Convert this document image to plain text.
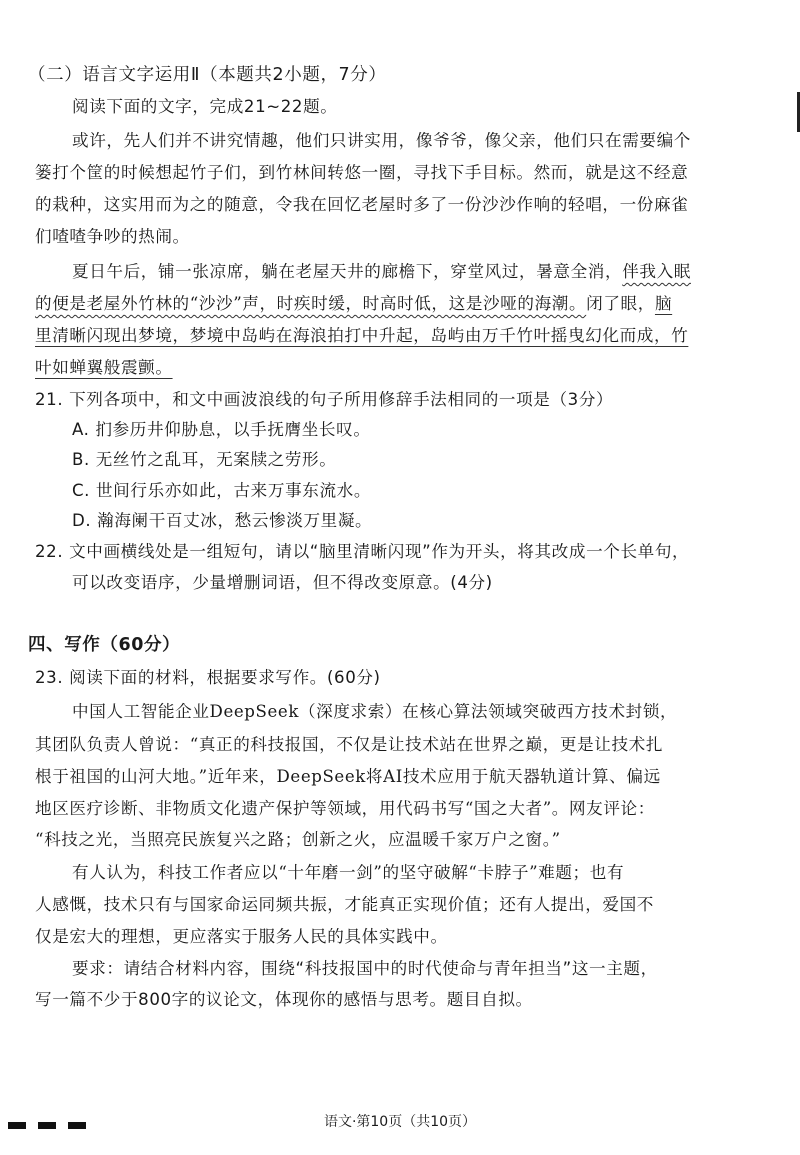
（二）语言文字运用Ⅱ（本题共2小题，7分）
阅读下面的文字，完成21~22题。
或许，先人们并不讲究情趣，他们只讲实用，像爷爷，像父亲，他们只在需要编个
篓打个筐的时候想起竹子们，到竹林间转悠一圈，寻找下手目标。然而，就是这不经意
的栽种，这实用而为之的随意，令我在回忆老屋时多了一份沙沙作响的轻唱，一份麻雀
们喳喳争吵的热闹。
夏日午后，铺一张凉席，躺在老屋天井的廊檐下，穿堂风过，暑意全消，伴我入眠
的便是老屋外竹林的“沙沙”声，时疾时缓，时高时低，这是沙哑的海潮。闭了眼，脑
里清晰闪现出梦境，梦境中岛屿在海浪拍打中升起，岛屿由万千竹叶摇曳幻化而成，竹
叶如蝉翼般震颤。
21. 下列各项中，和文中画波浪线的句子所用修辞手法相同的一项是（3分）
A. 扪参历井仰胁息，以手抚膺坐长叹。
B. 无丝竹之乱耳，无案牍之劳形。
C. 世间行乐亦如此，古来万事东流水。
D. 瀚海阑干百丈冰，愁云惨淡万里凝。
22. 文中画横线处是一组短句，请以“脑里清晰闪现”作为开头，将其改成一个长单句，
可以改变语序，少量增删词语，但不得改变原意。(4分)
四、写作（60分）
23. 阅读下面的材料，根据要求写作。(60分)
中国人工智能企业DeepSeek（深度求索）在核心算法领域突破西方技术封锁，
其团队负责人曾说：“真正的科技报国，不仅是让技术站在世界之巅，更是让技术扎
根于祖国的山河大地。”近年来，DeepSeek将AI技术应用于航天器轨道计算、偏远
地区医疗诊断、非物质文化遗产保护等领域，用代码书写“国之大者”。网友评论：
“科技之光，当照亮民族复兴之路；创新之火，应温暖千家万户之窗。”
有人认为，科技工作者应以“十年磨一剑”的坚守破解“卡脖子”难题；也有
人感慨，技术只有与国家命运同频共振，才能真正实现价值；还有人提出，爱国不
仅是宏大的理想，更应落实于服务人民的具体实践中。
要求：请结合材料内容，围绕“科技报国中的时代使命与青年担当”这一主题，
写一篇不少于800字的议论文，体现你的感悟与思考。题目自拟。
语文·第10页（共10页）
